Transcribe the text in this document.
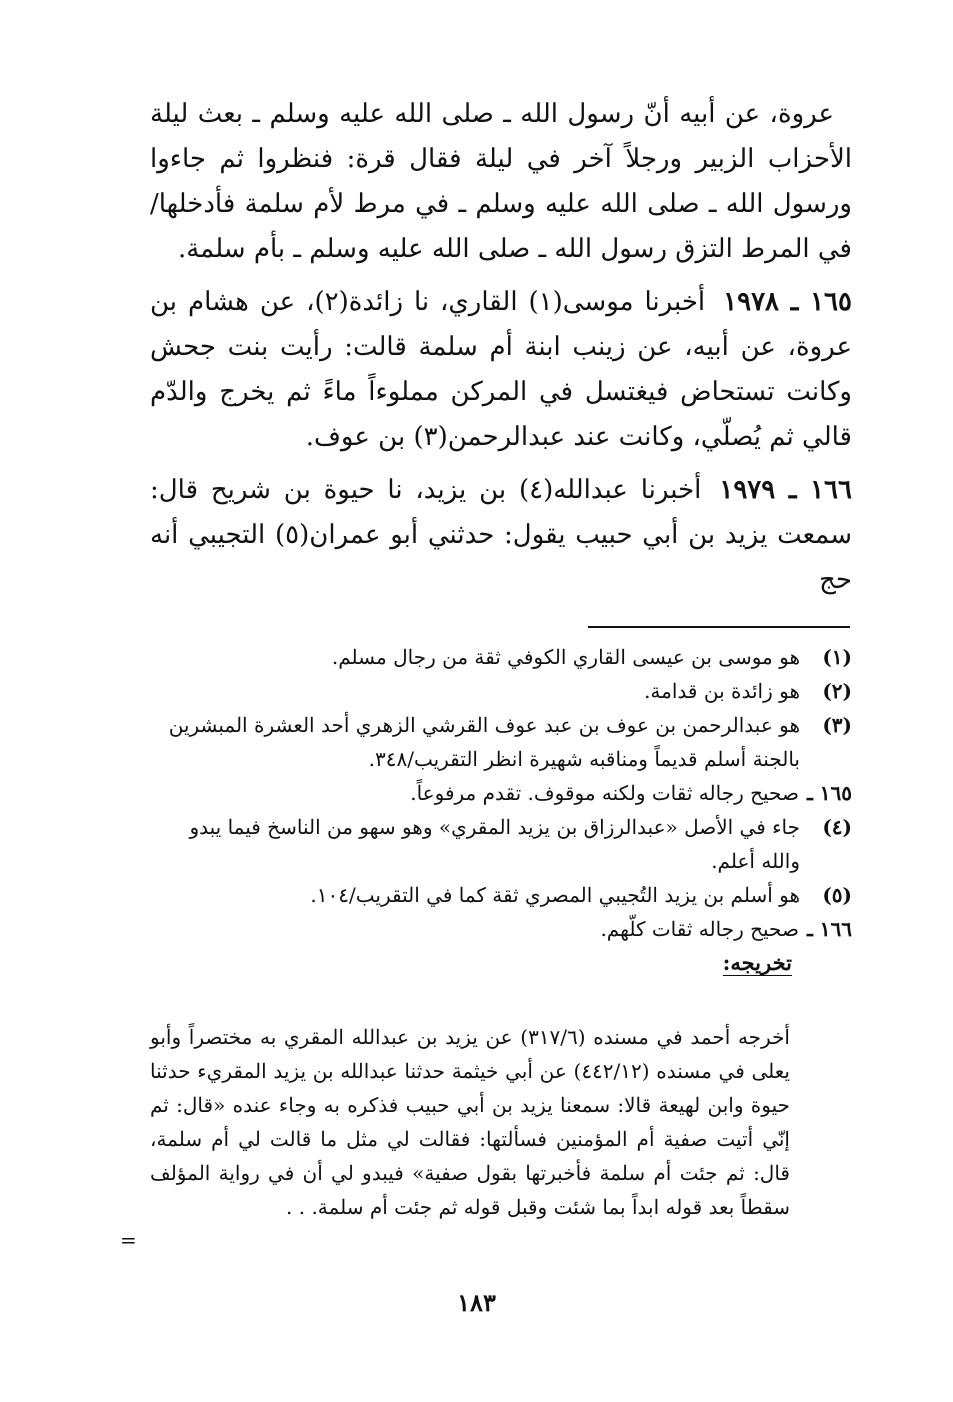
عروة، عن أبيه أنّ رسول الله ـ صلى الله عليه وسلم ـ بعث ليلة الأحزاب الزبير ورجلاً آخر في ليلة فقال قرة: فنظروا ثم جاءوا ورسول الله ـ صلى الله عليه وسلم ـ في مرط لأم سلمة فأدخلها/ في المرط التزق رسول الله ـ صلى الله عليه وسلم ـ بأم سلمة.

١٦٥ ـ ١٩٧٨أخبرنا موسى(١) القاري، نا زائدة(٢)، عن هشام بن عروة، عن أبيه، عن زينب ابنة أم سلمة قالت: رأيت بنت جحش وكانت تستحاض فيغتسل في المركن مملوءاً ماءً ثم يخرج والدّم قالي ثم يُصلّي، وكانت عند عبدالرحمن(٣) بن عوف.

١٦٦ ـ ١٩٧٩أخبرنا عبدالله(٤) بن يزيد، نا حيوة بن شريح قال: سمعت يزيد بن أبي حبيب يقول: حدثني أبو عمران(٥) التجيبي أنه حج

(١)
هو موسى بن عيسى القاري الكوفي ثقة من رجال مسلم.
(٢)
هو زائدة بن قدامة.
(٣)
هو عبدالرحمن بن عوف بن عبد عوف القرشي الزهري أحد العشرة المبشرين بالجنة أسلم قديماً ومناقبه شهيرة انظر التقريب/٣٤٨.
١٦٥ ـ
صحيح رجاله ثقات ولكنه موقوف. تقدم مرفوعاً.
(٤)
جاء في الأصل «عبدالرزاق بن يزيد المقري» وهو سهو من الناسخ فيما يبدو والله أعلم.
(٥)
هو أسلم بن يزيد التُجيبي المصري ثقة كما في التقريب/١٠٤.
١٦٦ ـ
صحيح رجاله ثقات كلّهم.

تخريجه:

أخرجه أحمد في مسنده (٣١٧/٦) عن يزيد بن عبدالله المقري به مختصراً وأبو يعلى في مسنده (٤٤٢/١٢) عن أبي خيثمة حدثنا عبدالله بن يزيد المقريء حدثنا حيوة وابن لهيعة قالا: سمعنا يزيد بن أبي حبيب فذكره به وجاء عنده «قال: ثم إنّي أتيت صفية أم المؤمنين فسألتها: فقالت لي مثل ما قالت لي أم سلمة، قال: ثم جئت أم سلمة فأخبرتها بقول صفية» فيبدو لي أن في رواية المؤلف سقطاً بعد قوله ابداً بما شئت وقبل قوله ثم جئت أم سلمة. . .

=
١٨٣
